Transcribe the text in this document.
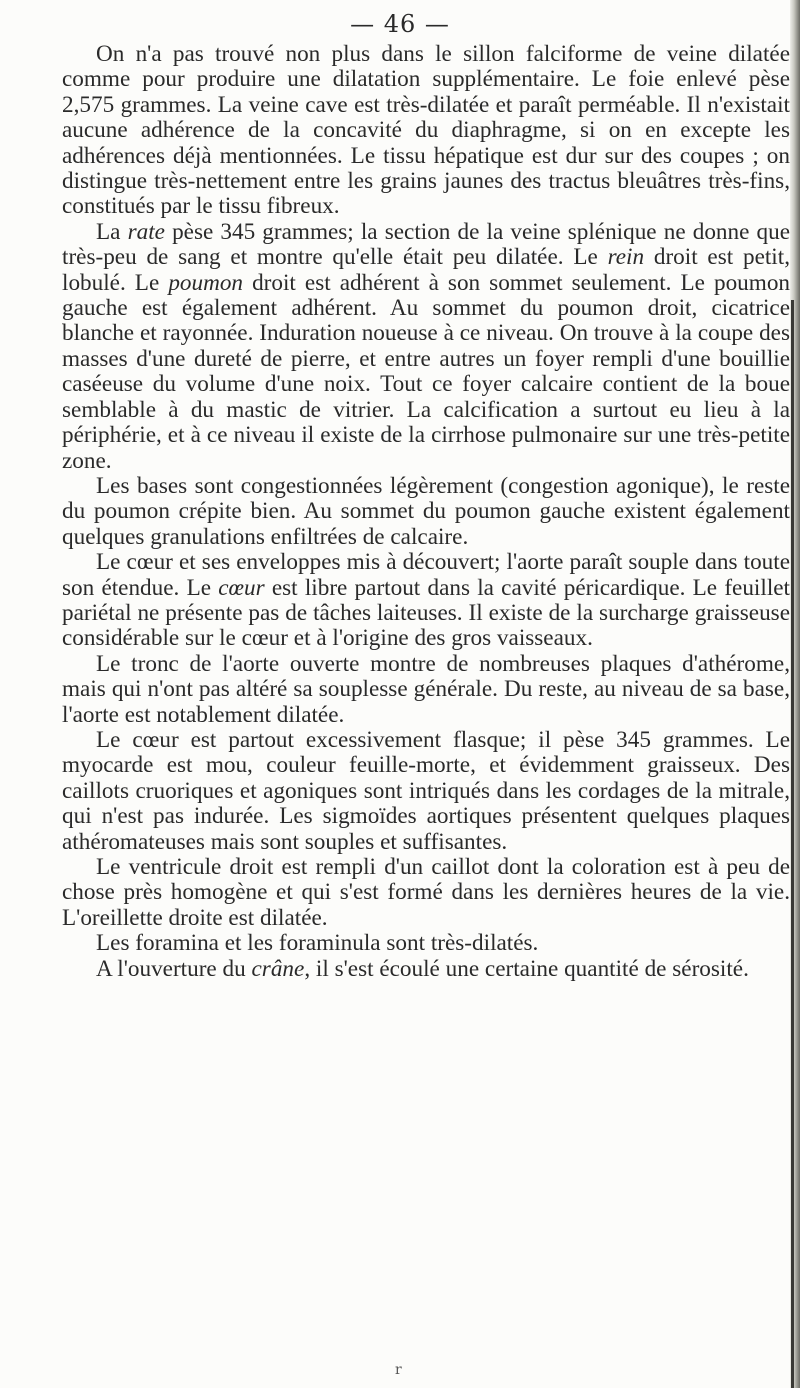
— 46 —

On n'a pas trouvé non plus dans le sillon falciforme de veine dilatée comme pour produire une dilatation supplémentaire. Le foie enlevé pèse 2,575 grammes. La veine cave est très-dilatée et paraît perméable. Il n'existait aucune adhérence de la concavité du diaphragme, si on en excepte les adhérences déjà mentionnées. Le tissu hépatique est dur sur des coupes ; on distingue très-nettement entre les grains jaunes des tractus bleuâtres très-fins, constitués par le tissu fibreux.

La rate pèse 345 grammes; la section de la veine splénique ne donne que très-peu de sang et montre qu'elle était peu dilatée. Le rein droit est petit, lobulé. Le poumon droit est adhérent à son sommet seulement. Le poumon gauche est également adhérent. Au sommet du poumon droit, cicatrice blanche et rayonnée. Induration noueuse à ce niveau. On trouve à la coupe des masses d'une dureté de pierre, et entre autres un foyer rempli d'une bouillie caséeuse du volume d'une noix. Tout ce foyer calcaire contient de la boue semblable à du mastic de vitrier. La calcification a surtout eu lieu à la périphérie, et à ce niveau il existe de la cirrhose pulmonaire sur une très-petite zone.

Les bases sont congestionnées légèrement (congestion agonique), le reste du poumon crépite bien. Au sommet du poumon gauche existent également quelques granulations enfiltrées de calcaire.

Le cœur et ses enveloppes mis à découvert; l'aorte paraît souple dans toute son étendue. Le cœur est libre partout dans la cavité péricardique. Le feuillet pariétal ne présente pas de tâches laiteuses. Il existe de la surcharge graisseuse considérable sur le cœur et à l'origine des gros vaisseaux.

Le tronc de l'aorte ouverte montre de nombreuses plaques d'athérome, mais qui n'ont pas altéré sa souplesse générale. Du reste, au niveau de sa base, l'aorte est notablement dilatée.

Le cœur est partout excessivement flasque; il pèse 345 grammes. Le myocarde est mou, couleur feuille-morte, et évidemment graisseux. Des caillots cruoriques et agoniques sont intriqués dans les cordages de la mitrale, qui n'est pas indurée. Les sigmoïdes aortiques présentent quelques plaques athéromateuses mais sont souples et suffisantes.

Le ventricule droit est rempli d'un caillot dont la coloration est à peu de chose près homogène et qui s'est formé dans les dernières heures de la vie. L'oreillette droite est dilatée.

Les foramina et les foraminula sont très-dilatés.

A l'ouverture du crâne, il s'est écoulé une certaine quantité de sérosité.

r
